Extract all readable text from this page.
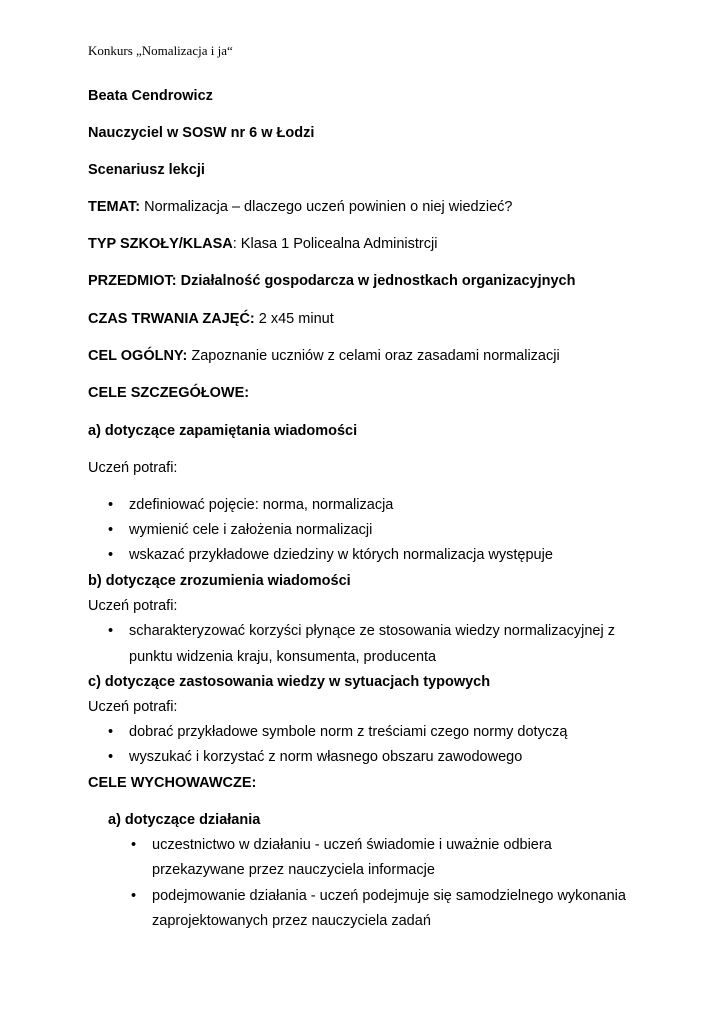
Konkurs „Nomalizacja i ja“
Beata Cendrowicz
Nauczyciel w SOSW nr 6 w Łodzi
Scenariusz lekcji
TEMAT: Normalizacja – dlaczego uczeń powinien o niej wiedzieć?
TYP SZKOŁY/KLASA: Klasa 1 Policealna Administrcji
PRZEDMIOT: Działalność gospodarcza w jednostkach organizacyjnych
CZAS TRWANIA ZAJĘĆ: 2 x45 minut
CEL OGÓLNY: Zapoznanie uczniów z celami oraz zasadami normalizacji
CELE SZCZEGÓŁOWE:
a) dotyczące zapamiętania wiadomości
Uczeń potrafi:
• zdefiniować pojęcie: norma, normalizacja
• wymienić cele i założenia normalizacji
• wskazać przykładowe dziedziny w których normalizacja występuje
b) dotyczące zrozumienia wiadomości
Uczeń potrafi:
• scharakteryzować korzyści płynące ze stosowania wiedzy normalizacyjnej z
punktu widzenia kraju, konsumenta, producenta
c) dotyczące zastosowania wiedzy w sytuacjach typowych
Uczeń potrafi:
• dobrać przykładowe symbole norm z treściami czego normy dotyczą
• wyszukać i korzystać z norm własnego obszaru zawodowego
CELE WYCHOWAWCZE:
a) dotyczące działania
• uczestnictwo w działaniu - uczeń świadomie i uważnie odbiera
przekazywane przez nauczyciela informacje
• podejmowanie działania - uczeń podejmuje się samodzielnego wykonania
zaprojektowanych przez nauczyciela zadań
